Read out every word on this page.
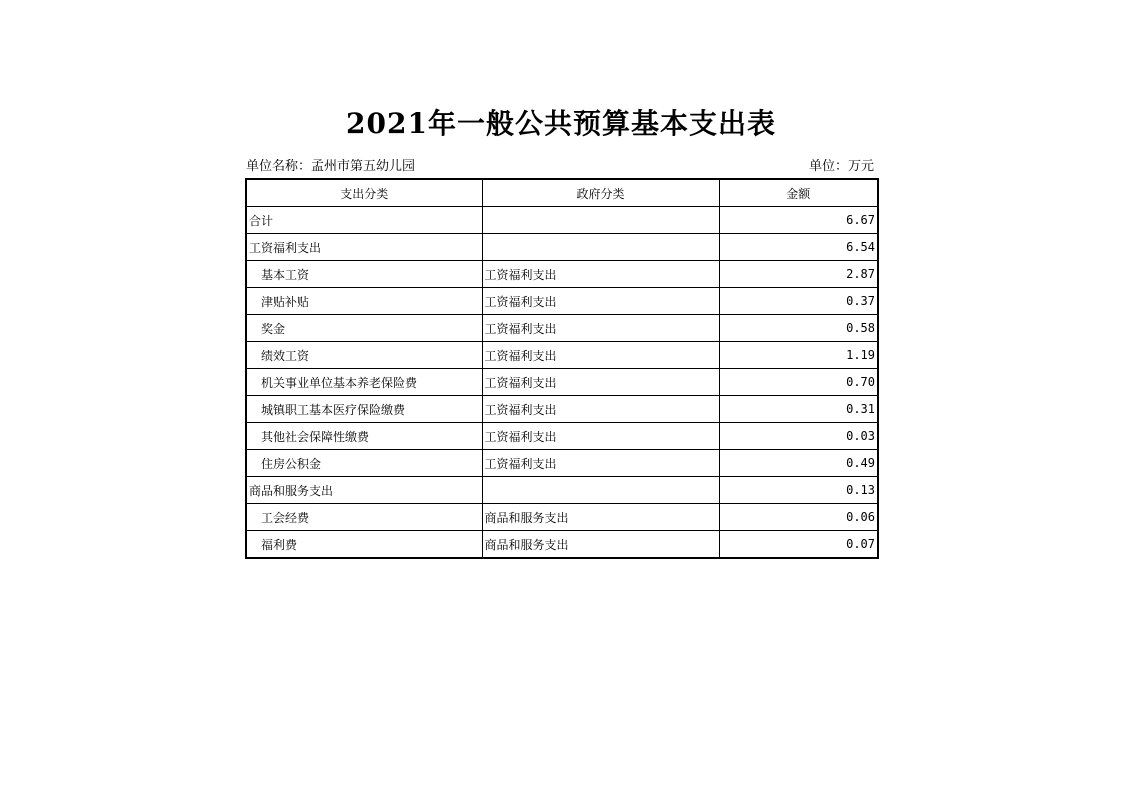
2021年一般公共预算基本支出表
单位名称：孟州市第五幼儿园	单位：万元
支出分类	政府分类	金额
合计		6.67
工资福利支出		6.54
基本工资	工资福利支出	2.87
津贴补贴	工资福利支出	0.37
奖金	工资福利支出	0.58
绩效工资	工资福利支出	1.19
机关事业单位基本养老保险费	工资福利支出	0.70
城镇职工基本医疗保险缴费	工资福利支出	0.31
其他社会保障性缴费	工资福利支出	0.03
住房公积金	工资福利支出	0.49
商品和服务支出		0.13
工会经费	商品和服务支出	0.06
福利费	商品和服务支出	0.07
